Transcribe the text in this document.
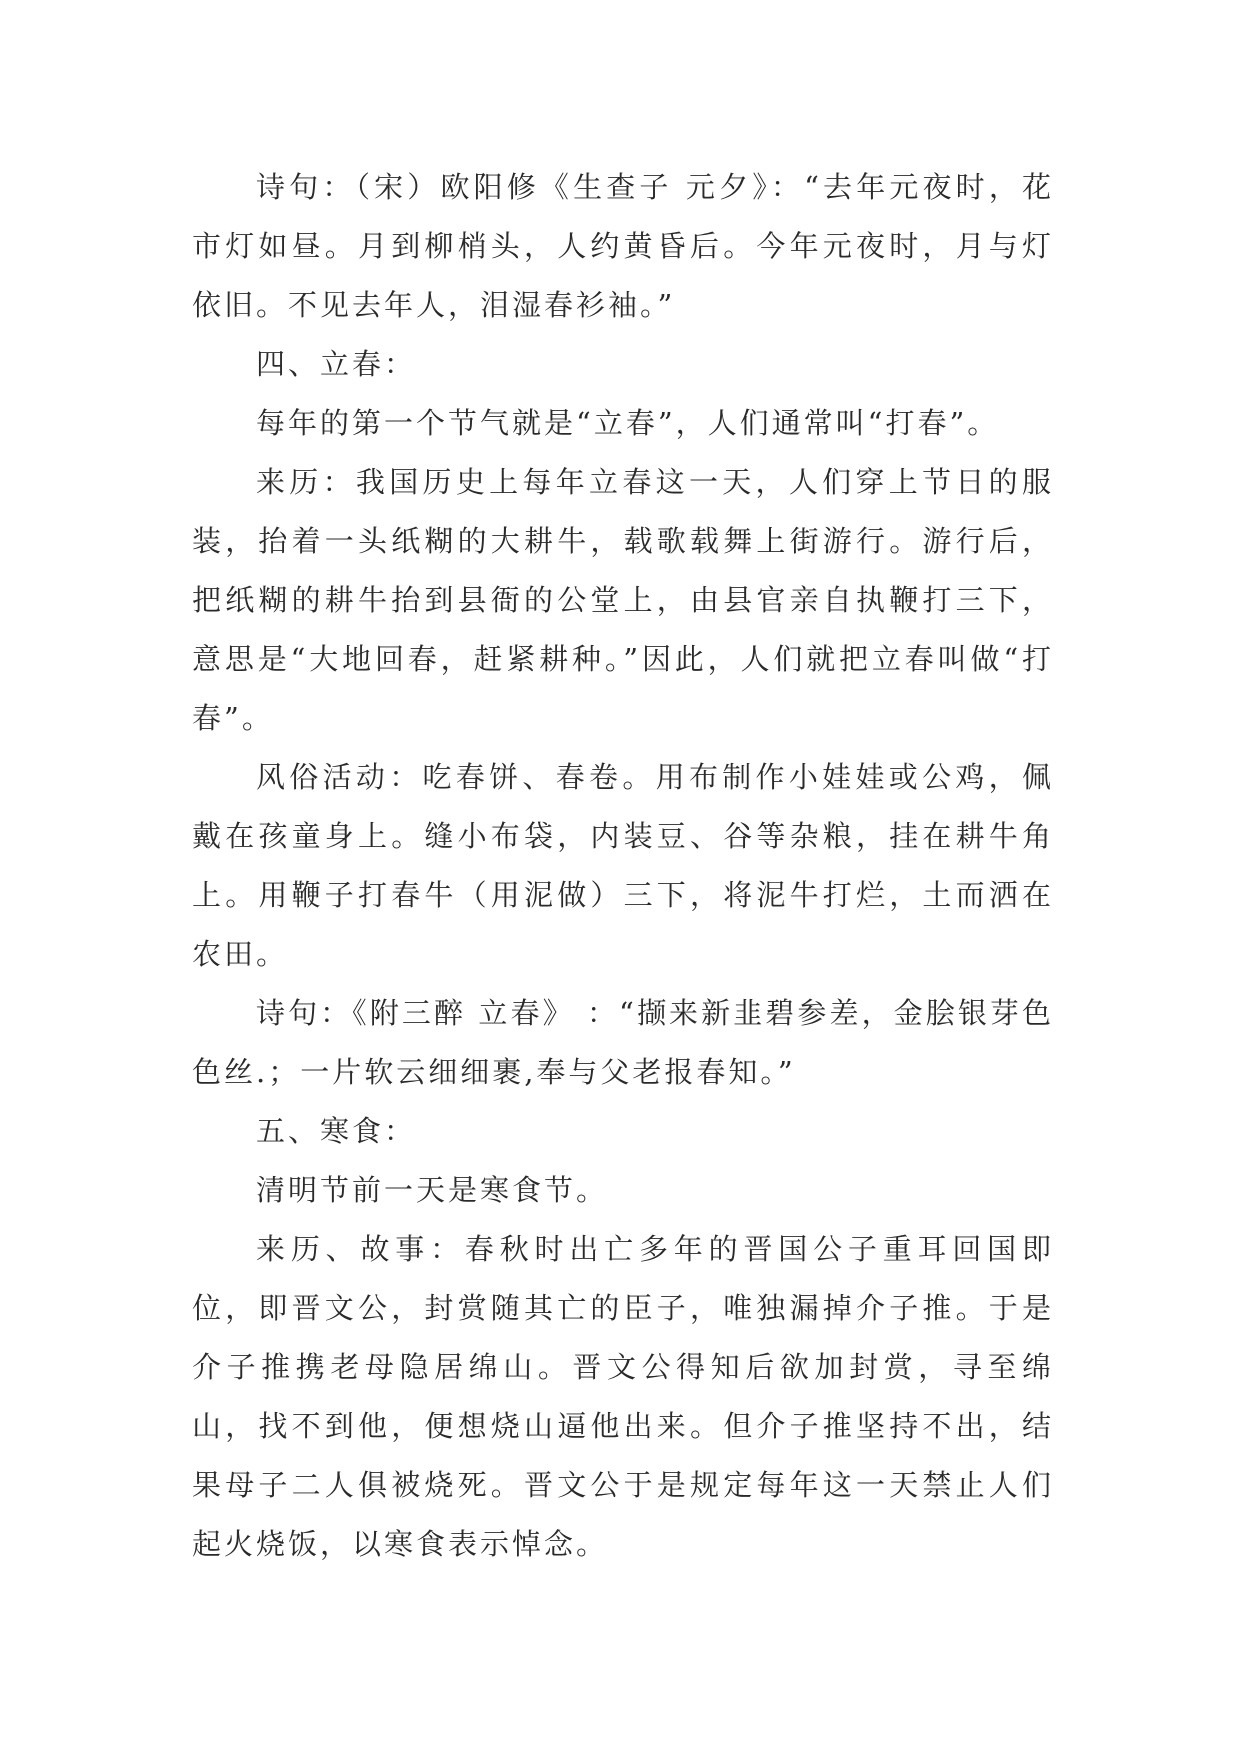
诗句：（宋）欧阳修《生查子 元夕》：“去年元夜时，花市灯如昼。月到柳梢头，人约黄昏后。今年元夜时，月与灯依旧。不见去年人，泪湿春衫袖。”

四、立春：

每年的第一个节气就是“立春”，人们通常叫“打春”。

来历：我国历史上每年立春这一天，人们穿上节日的服装，抬着一头纸糊的大耕牛，载歌载舞上街游行。游行后，把纸糊的耕牛抬到县衙的公堂上，由县官亲自执鞭打三下，意思是“大地回春，赶紧耕种。”因此，人们就把立春叫做“打春”。

风俗活动：吃春饼、春卷。用布制作小娃娃或公鸡，佩戴在孩童身上。缝小布袋，内装豆、谷等杂粮，挂在耕牛角上。用鞭子打春牛（用泥做）三下，将泥牛打烂，土而洒在农田。

诗句：《附三醉 立春》 ：“撷来新韭碧参差，金脍银芽色色丝.；一片软云细细裹,奉与父老报春知。”

五、寒食：

清明节前一天是寒食节。

来历、故事：春秋时出亡多年的晋国公子重耳回国即位，即晋文公，封赏随其亡的臣子，唯独漏掉介子推。于是介子推携老母隐居绵山。晋文公得知后欲加封赏，寻至绵山，找不到他，便想烧山逼他出来。但介子推坚持不出，结果母子二人俱被烧死。晋文公于是规定每年这一天禁止人们起火烧饭，以寒食表示悼念。
